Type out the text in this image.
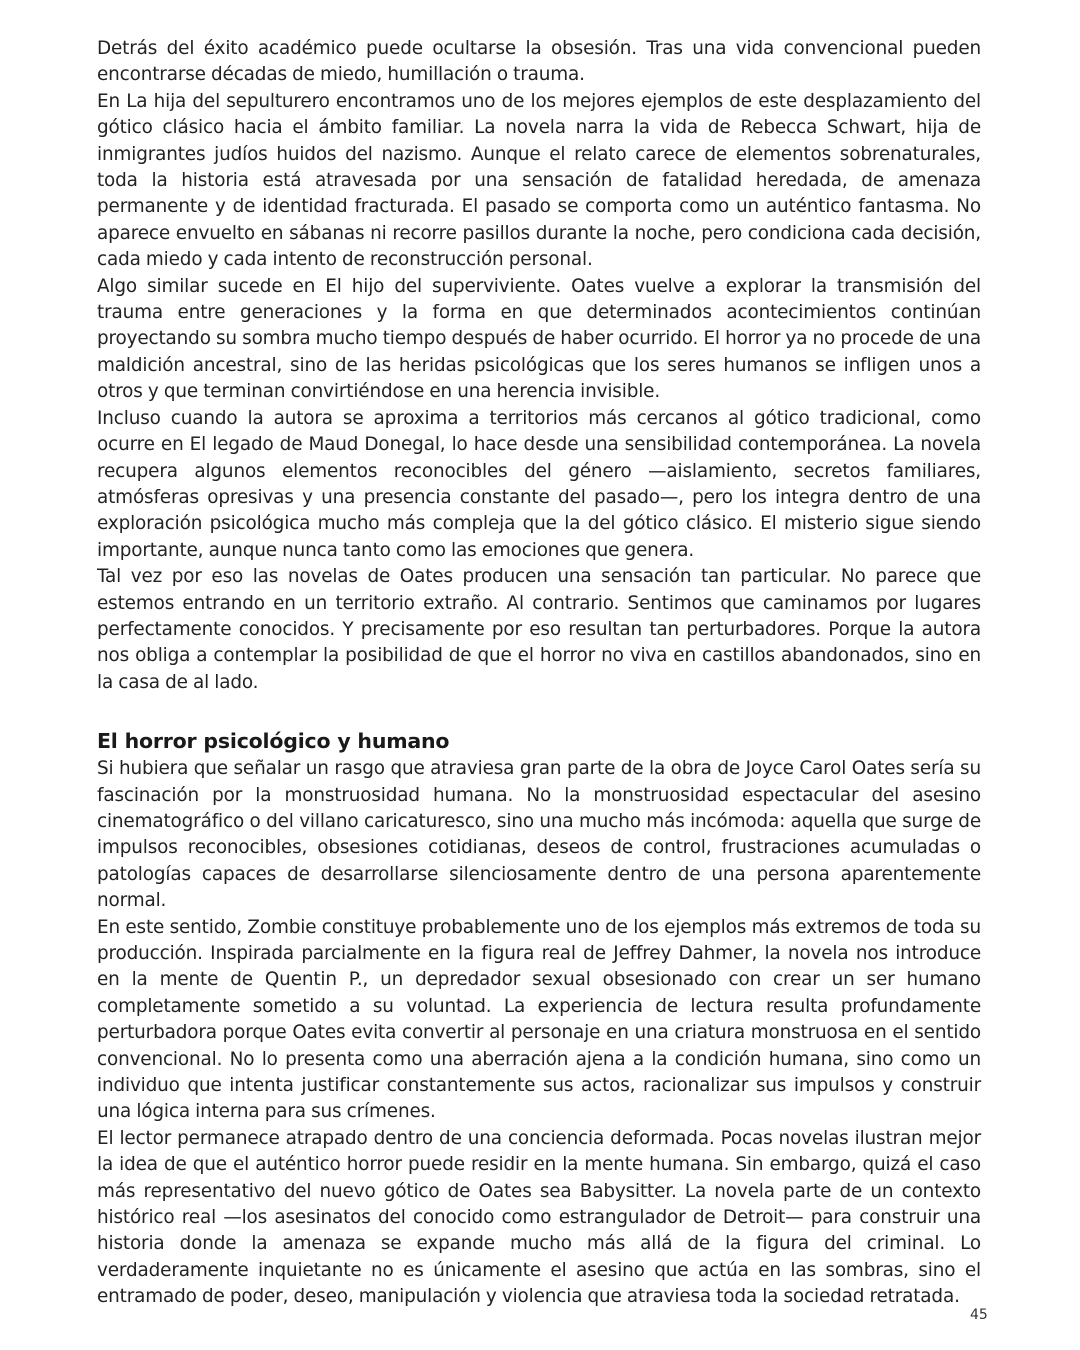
Detrás del éxito académico puede ocultarse la obsesión. Tras una vida convencional pueden encontrarse décadas de miedo, humillación o trauma.

En La hija del sepulturero encontramos uno de los mejores ejemplos de este desplazamiento del gótico clásico hacia el ámbito familiar. La novela narra la vida de Rebecca Schwart, hija de inmigrantes judíos huidos del nazismo. Aunque el relato carece de elementos sobrenaturales, toda la historia está atravesada por una sensación de fatalidad heredada, de amenaza permanente y de identidad fracturada. El pasado se comporta como un auténtico fantasma. No aparece envuelto en sábanas ni recorre pasillos durante la noche, pero condiciona cada decisión, cada miedo y cada intento de reconstrucción personal.

Algo similar sucede en El hijo del superviviente. Oates vuelve a explorar la transmisión del trauma entre generaciones y la forma en que determinados acontecimientos continúan proyectando su sombra mucho tiempo después de haber ocurrido. El horror ya no procede de una maldición ancestral, sino de las heridas psicológicas que los seres humanos se infligen unos a otros y que terminan convirtiéndose en una herencia invisible.

Incluso cuando la autora se aproxima a territorios más cercanos al gótico tradicional, como ocurre en El legado de Maud Donegal, lo hace desde una sensibilidad contemporánea. La novela recupera algunos elementos reconocibles del género —aislamiento, secretos familiares, atmósferas opresivas y una presencia constante del pasado—, pero los integra dentro de una exploración psicológica mucho más compleja que la del gótico clásico. El misterio sigue siendo importante, aunque nunca tanto como las emociones que genera.

Tal vez por eso las novelas de Oates producen una sensación tan particular. No parece que estemos entrando en un territorio extraño. Al contrario. Sentimos que caminamos por lugares perfectamente conocidos. Y precisamente por eso resultan tan perturbadores. Porque la autora nos obliga a contemplar la posibilidad de que el horror no viva en castillos abandonados, sino en la casa de al lado.

El horror psicológico y humano

Si hubiera que señalar un rasgo que atraviesa gran parte de la obra de Joyce Carol Oates sería su fascinación por la monstruosidad humana. No la monstruosidad espectacular del asesino cinematográfico o del villano caricaturesco, sino una mucho más incómoda: aquella que surge de impulsos reconocibles, obsesiones cotidianas, deseos de control, frustraciones acumuladas o patologías capaces de desarrollarse silenciosamente dentro de una persona aparentemente normal.

En este sentido, Zombie constituye probablemente uno de los ejemplos más extremos de toda su producción. Inspirada parcialmente en la figura real de Jeffrey Dahmer, la novela nos introduce en la mente de Quentin P., un depredador sexual obsesionado con crear un ser humano completamente sometido a su voluntad. La experiencia de lectura resulta profundamente perturbadora porque Oates evita convertir al personaje en una criatura monstruosa en el sentido convencional. No lo presenta como una aberración ajena a la condición humana, sino como un individuo que intenta justificar constantemente sus actos, racionalizar sus impulsos y construir una lógica interna para sus crímenes.

El lector permanece atrapado dentro de una conciencia deformada. Pocas novelas ilustran mejor la idea de que el auténtico horror puede residir en la mente humana. Sin embargo, quizá el caso más representativo del nuevo gótico de Oates sea Babysitter. La novela parte de un contexto histórico real —los asesinatos del conocido como estrangulador de Detroit— para construir una historia donde la amenaza se expande mucho más allá de la figura del criminal. Lo verdaderamente inquietante no es únicamente el asesino que actúa en las sombras, sino el entramado de poder, deseo, manipulación y violencia que atraviesa toda la sociedad retratada.

45
